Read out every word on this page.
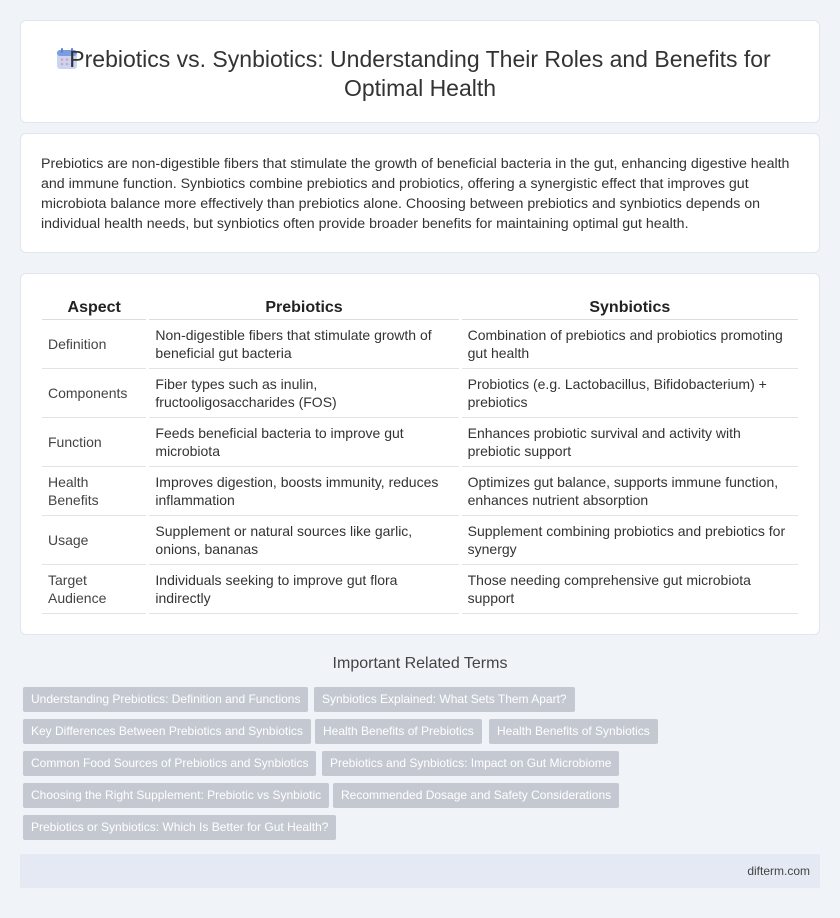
Prebiotics vs. Synbiotics: Understanding Their Roles and Benefits for Optimal Health

Prebiotics are non-digestible fibers that stimulate the growth of beneficial bacteria in the gut, enhancing digestive health and immune function. Synbiotics combine prebiotics and probiotics, offering a synergistic effect that improves gut microbiota balance more effectively than prebiotics alone. Choosing between prebiotics and synbiotics depends on individual health needs, but synbiotics often provide broader benefits for maintaining optimal gut health.

Aspect		Prebiotics		Synbiotics
Definition		Non-digestible fibers that stimulate growth of beneficial gut bacteria		Combination of prebiotics and probiotics promoting gut health
Components		Fiber types such as inulin, fructooligosaccharides (FOS)		Probiotics (e.g. Lactobacillus, Bifidobacterium) + prebiotics
Function		Feeds beneficial bacteria to improve gut microbiota		Enhances probiotic survival and activity with prebiotic support
Health Benefits		Improves digestion, boosts immunity, reduces inflammation		Optimizes gut balance, supports immune function, enhances nutrient absorption
Usage		Supplement or natural sources like garlic, onions, bananas		Supplement combining probiotics and prebiotics for synergy
Target Audience		Individuals seeking to improve gut flora indirectly		Those needing comprehensive gut microbiota support
Important Related Terms
Understanding Prebiotics: Definition and Functions	Synbiotics Explained: What Sets Them Apart?
Key Differences Between Prebiotics and Synbiotics	Health Benefits of Prebiotics	Health Benefits of Synbiotics
Common Food Sources of Prebiotics and Synbiotics	Prebiotics and Synbiotics: Impact on Gut Microbiome
Choosing the Right Supplement: Prebiotic vs Synbiotic	Recommended Dosage and Safety Considerations
Prebiotics or Synbiotics: Which Is Better for Gut Health?
difterm.com
